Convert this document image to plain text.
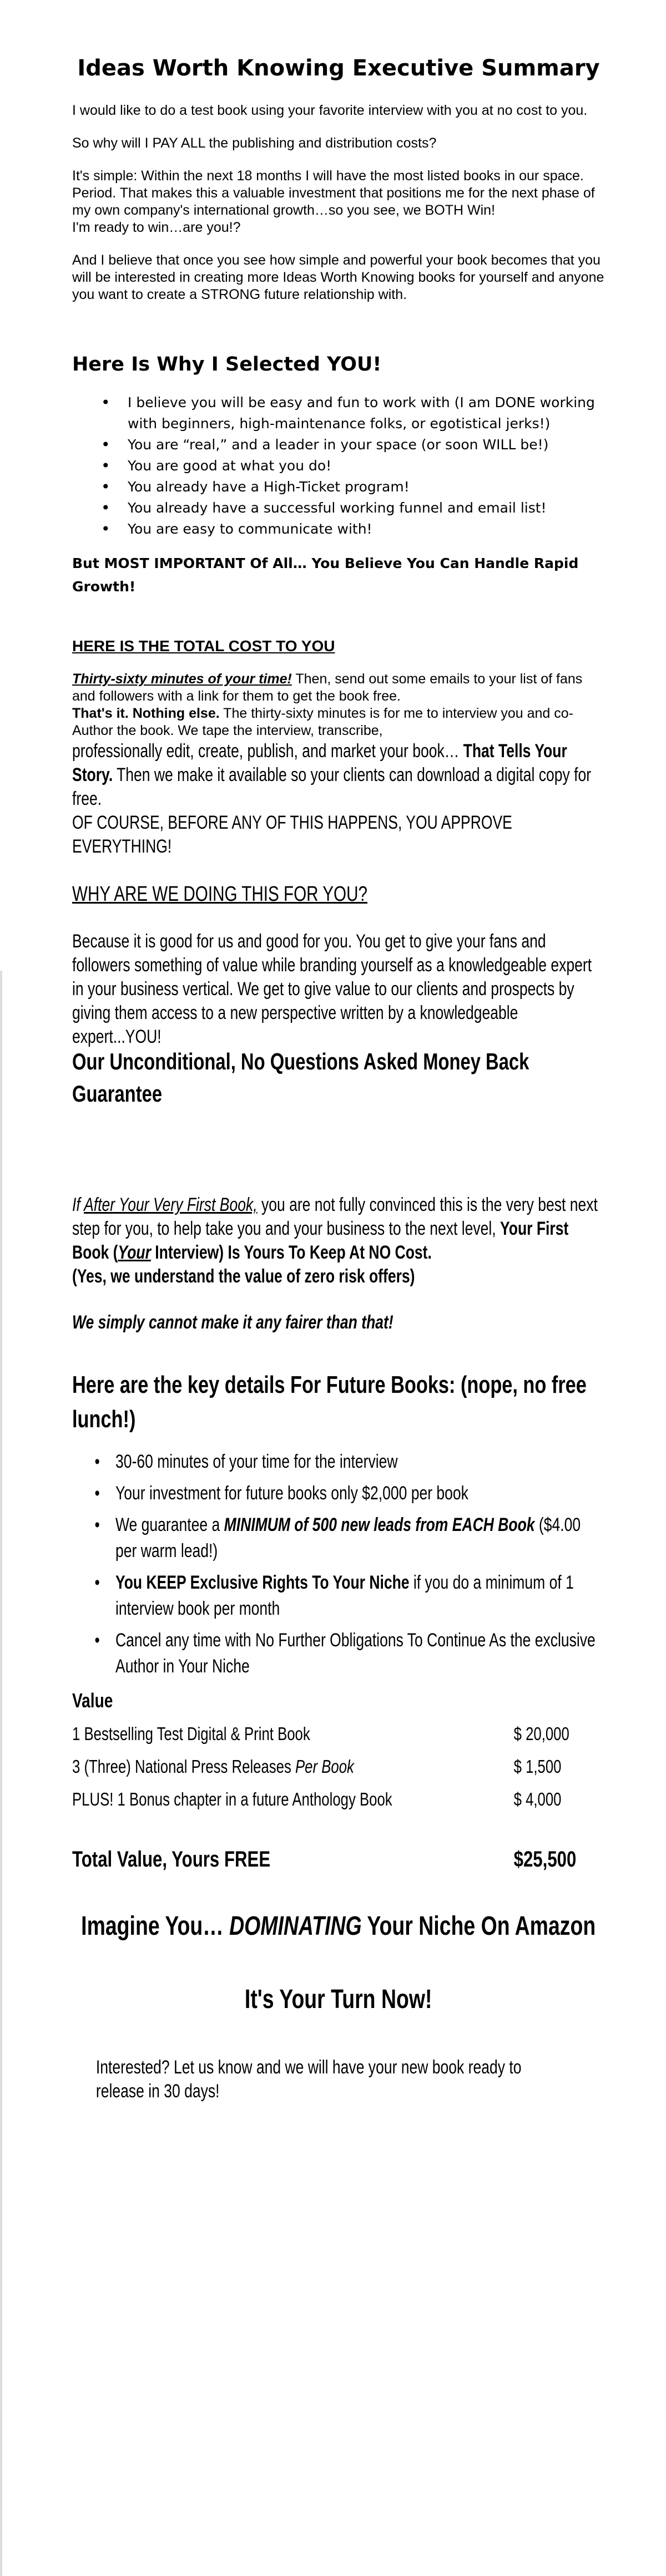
Ideas Worth Knowing Executive Summary

I would like to do a test book using your favorite interview with you at no cost to you.

So why will I PAY ALL the publishing and distribution costs?

It's simple: Within the next 18 months I will have the most listed books in our space. Period. That makes this a valuable investment that positions me for the next phase of my own company's international growth…so you see, we BOTH Win!

I'm ready to win…are you!?

And I believe that once you see how simple and powerful your book becomes that you will be interested in creating more Ideas Worth Knowing books for yourself and anyone you want to create a STRONG future relationship with.

Here Is Why I Selected YOU!
• I believe you will be easy and fun to work with (I am DONE working with beginners, high-maintenance folks, or egotistical jerks!)
• You are “real,” and a leader in your space (or soon WILL be!)
• You are good at what you do!
• You already have a High-Ticket program!
• You already have a successful working funnel and email list!
• You are easy to communicate with!

But MOST IMPORTANT Of All… You Believe You Can Handle Rapid Growth!

HERE IS THE TOTAL COST TO YOU

Thirty-sixty minutes of your time! Then, send out some emails to your list of fans and followers with a link for them to get the book free.

That's it. Nothing else. The thirty-sixty minutes is for me to interview you and co-Author the book. We tape the interview, transcribe,

professionally edit, create, publish, and market your book… That Tells Your Story. Then we make it available so your clients can download a digital copy for free.

OF COURSE, BEFORE ANY OF THIS HAPPENS, YOU APPROVE EVERYTHING!

WHY ARE WE DOING THIS FOR YOU?

Because it is good for us and good for you. You get to give your fans and followers something of value while branding yourself as a knowledgeable expert in your business vertical. We get to give value to our clients and prospects by giving them access to a new perspective written by a knowledgeable expert...YOU!

Our Unconditional, No Questions Asked Money Back Guarantee

If After Your Very First Book, you are not fully convinced this is the very best next step for you, to help take you and your business to the next level, Your First Book (Your Interview) Is Yours To Keep At NO Cost.

(Yes, we understand the value of zero risk offers)

We simply cannot make it any fairer than that!

Here are the key details For Future Books: (nope, no free lunch!)

• 30-60 minutes of your time for the interview
• Your investment for future books only $2,000 per book
• We guarantee a MINIMUM of 500 new leads from EACH Book ($4.00 per warm lead!)
• You KEEP Exclusive Rights To Your Niche if you do a minimum of 1 interview book per month
• Cancel any time with No Further Obligations To Continue As the exclusive Author in Your Niche

Value

1 Bestselling Test Digital & Print Book	$ 20,000
3 (Three) National Press Releases Per Book	$ 1,500
PLUS! 1 Bonus chapter in a future Anthology Book	$ 4,000
Total Value, Yours FREE	$25,500

Imagine You… DOMINATING Your Niche On Amazon

It's Your Turn Now!

Interested? Let us know and we will have your new book ready to release in 30 days!
